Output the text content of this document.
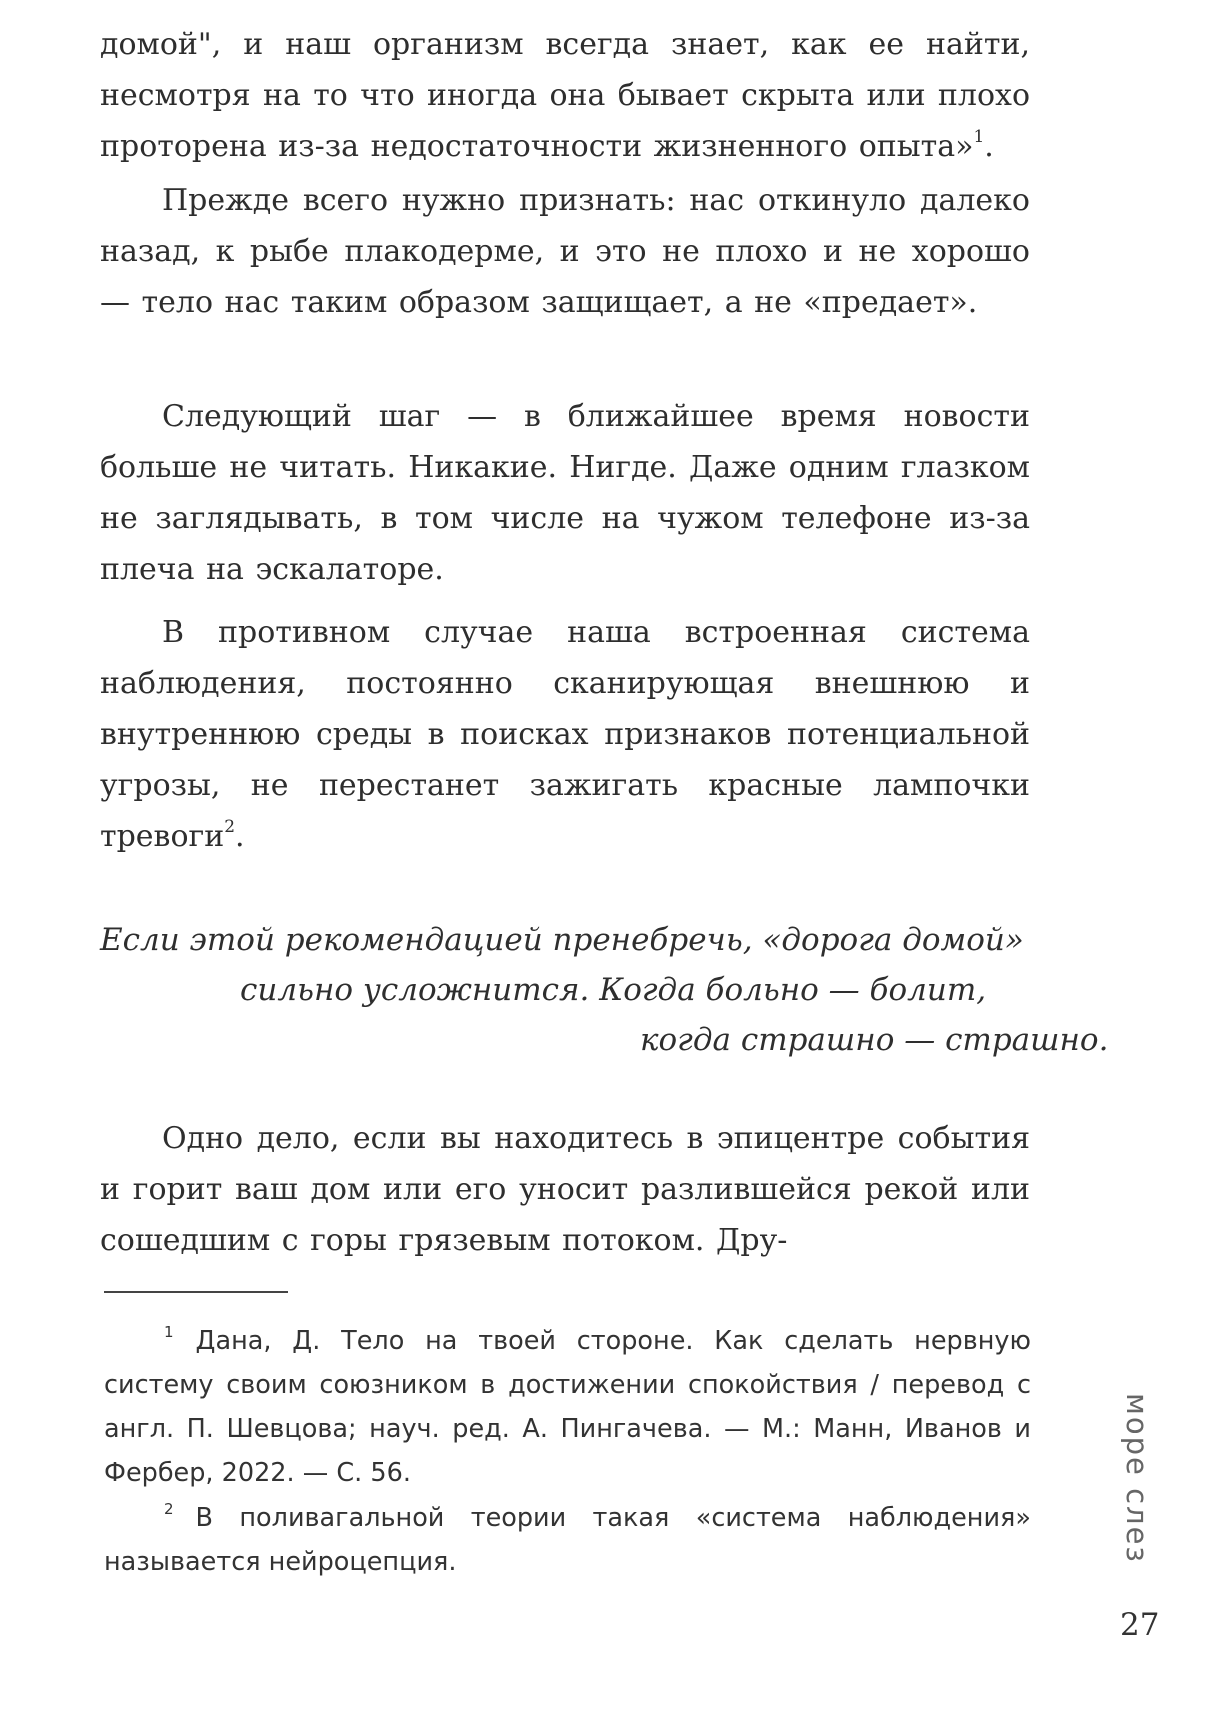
домой", и наш организм всегда знает, как ее найти, несмотря на то что иногда она бывает скрыта или плохо проторена из-за недостаточности жизненного опыта»$^1$.

Прежде всего нужно признать: нас откинуло далеко назад, к рыбе плакодерме, и это не плохо и не хорошо — тело нас таким образом защищает, а не «предает».

Следующий шаг — в ближайшее время новости больше не читать. Никакие. Нигде. Даже одним глазком не заглядывать, в том числе на чужом телефоне из-за плеча на эскалаторе.

В противном случае наша встроенная система наблюдения, постоянно сканирующая внешнюю и внутреннюю среды в поисках признаков потенциальной угрозы, не перестанет зажигать красные лампочки тревоги$^2$.

Если этой рекомендацией пренебречь, «дорога домой»
сильно усложнится. Когда больно — болит,
когда страшно — страшно.

Одно дело, если вы находитесь в эпицентре события и горит ваш дом или его уносит разлившейся рекой или сошедшим с горы грязевым потоком. Дру-

1 Дана, Д. Тело на твоей стороне. Как сделать нервную систему своим союзником в достижении спокойствия / перевод с англ. П. Шевцова; науч. ред. А. Пингачева. — М.: Манн, Иванов и Фербер, 2022. — С. 56.

2 В поливагальной теории такая «система наблюдения» называется нейроцепция.	море слез
27
